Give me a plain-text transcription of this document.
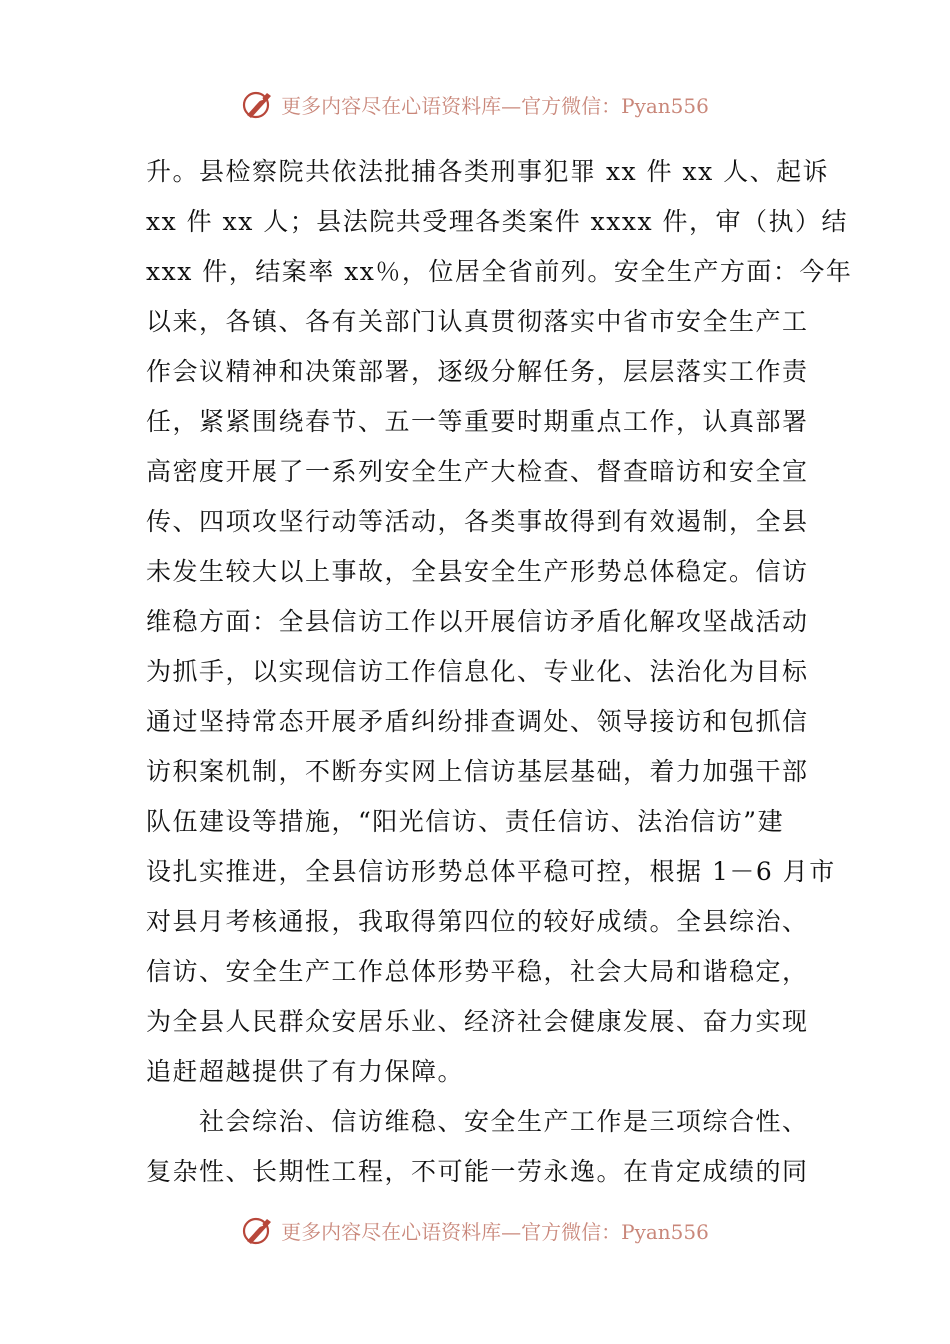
更多内容尽在心语资料库—官方微信：Pyan556
升。县检察院共依法批捕各类刑事犯罪 xx 件 xx 人、起诉
xx 件 xx 人；县法院共受理各类案件 xxxx 件，审（执）结
xxx 件，结案率 xx％，位居全省前列。安全生产方面：今年
以来，各镇、各有关部门认真贯彻落实中省市安全生产工
作会议精神和决策部署，逐级分解任务，层层落实工作责
任，紧紧围绕春节、五一等重要时期重点工作，认真部署
高密度开展了一系列安全生产大检查、督查暗访和安全宣
传、四项攻坚行动等活动，各类事故得到有效遏制，全县
未发生较大以上事故，全县安全生产形势总体稳定。信访
维稳方面：全县信访工作以开展信访矛盾化解攻坚战活动
为抓手，以实现信访工作信息化、专业化、法治化为目标
通过坚持常态开展矛盾纠纷排查调处、领导接访和包抓信
访积案机制，不断夯实网上信访基层基础，着力加强干部
队伍建设等措施，“阳光信访、责任信访、法治信访”建
设扎实推进，全县信访形势总体平稳可控，根据 1－6 月市
对县月考核通报，我取得第四位的较好成绩。全县综治、
信访、安全生产工作总体形势平稳，社会大局和谐稳定，
为全县人民群众安居乐业、经济社会健康发展、奋力实现
追赶超越提供了有力保障。
　　社会综治、信访维稳、安全生产工作是三项综合性、
复杂性、长期性工程，不可能一劳永逸。在肯定成绩的同
更多内容尽在心语资料库—官方微信：Pyan556
